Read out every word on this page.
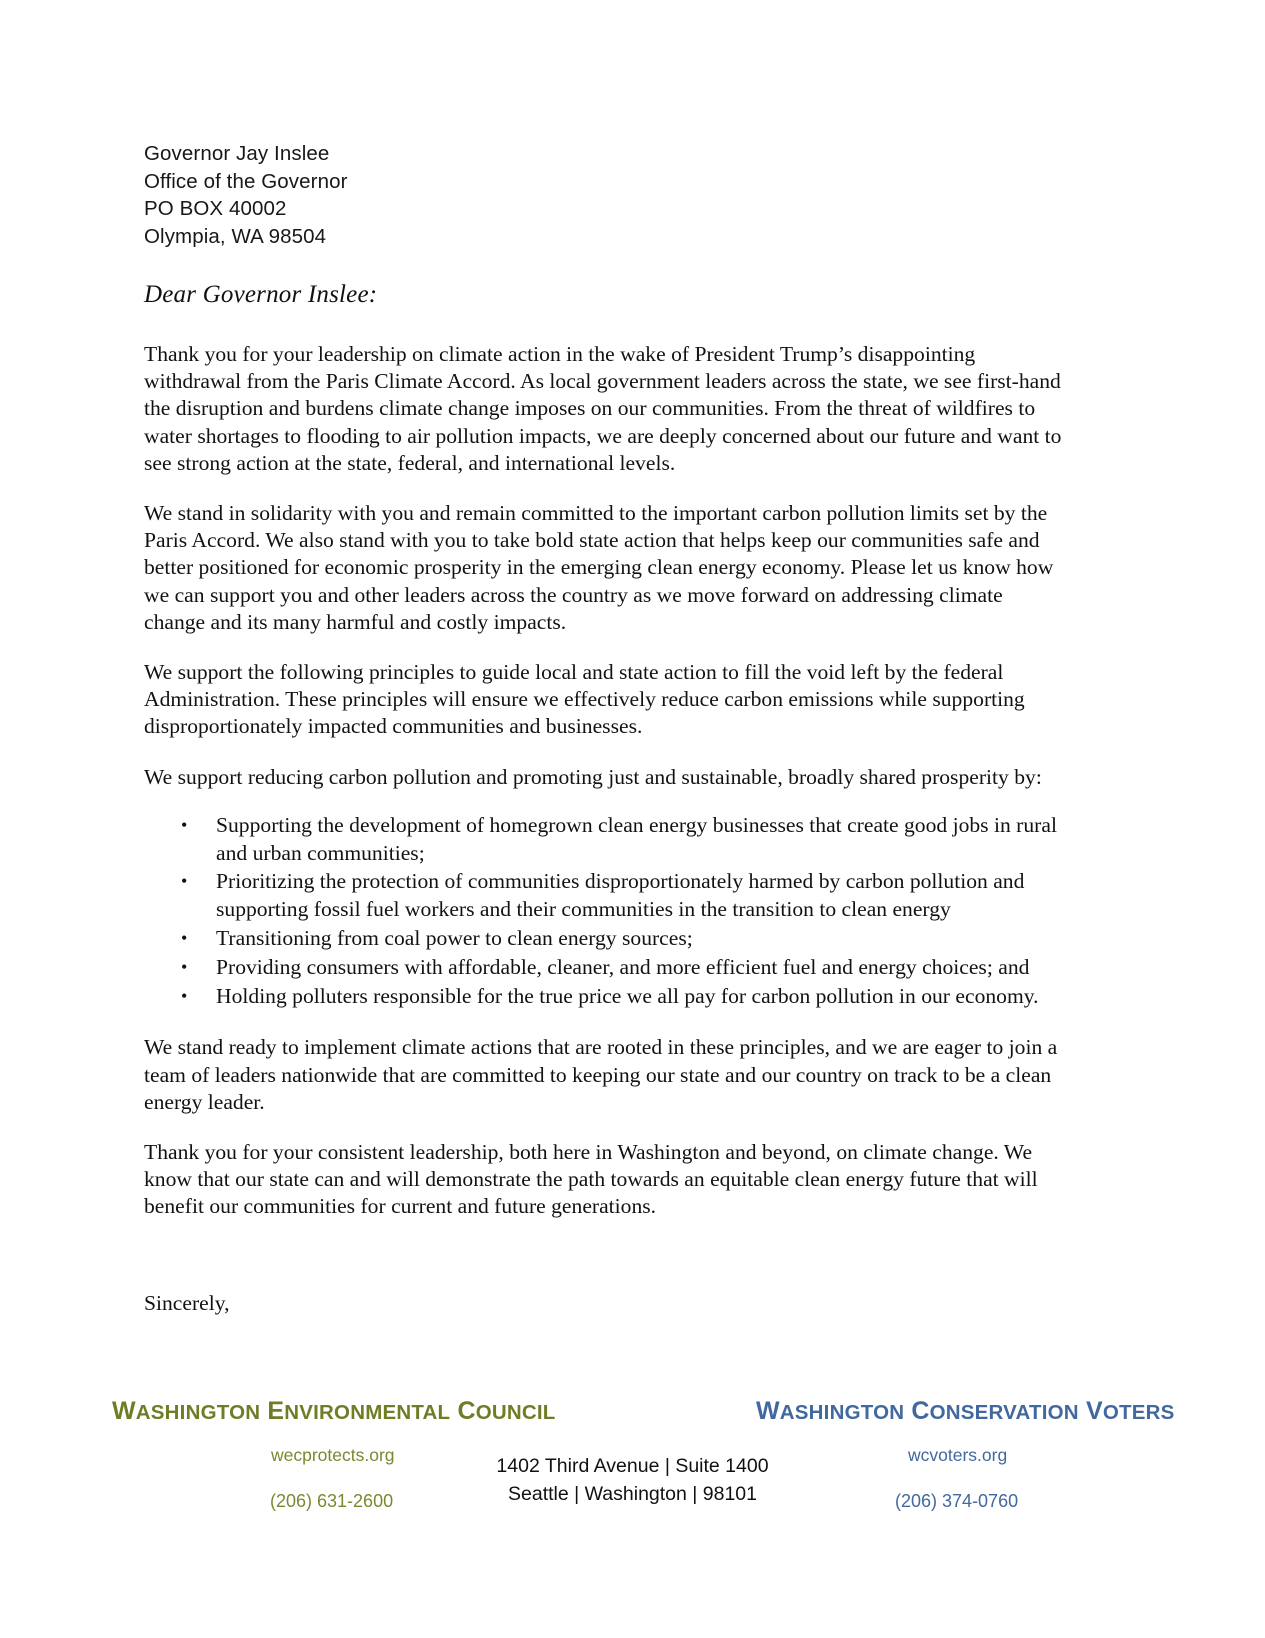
Governor Jay Inslee
Office of the Governor
PO BOX 40002
Olympia, WA 98504
Dear Governor Inslee:

Thank you for your leadership on climate action in the wake of President Trump’s disappointing withdrawal from the Paris Climate Accord. As local government leaders across the state, we see first-hand the disruption and burdens climate change imposes on our communities. From the threat of wildfires to water shortages to flooding to air pollution impacts, we are deeply concerned about our future and want to see strong action at the state, federal, and international levels.

We stand in solidarity with you and remain committed to the important carbon pollution limits set by the Paris Accord. We also stand with you to take bold state action that helps keep our communities safe and better positioned for economic prosperity in the emerging clean energy economy. Please let us know how we can support you and other leaders across the country as we move forward on addressing climate change and its many harmful and costly impacts.

We support the following principles to guide local and state action to fill the void left by the federal Administration. These principles will ensure we effectively reduce carbon emissions while supporting disproportionately impacted communities and businesses.

We support reducing carbon pollution and promoting just and sustainable, broadly shared prosperity by:

• Supporting the development of homegrown clean energy businesses that create good jobs in rural and urban communities;
• Prioritizing the protection of communities disproportionately harmed by carbon pollution and supporting fossil fuel workers and their communities in the transition to clean energy
• Transitioning from coal power to clean energy sources;
• Providing consumers with affordable, cleaner, and more efficient fuel and energy choices; and
• Holding polluters responsible for the true price we all pay for carbon pollution in our economy.

We stand ready to implement climate actions that are rooted in these principles, and we are eager to join a team of leaders nationwide that are committed to keeping our state and our country on track to be a clean energy leader.

Thank you for your consistent leadership, both here in Washington and beyond, on climate change. We know that our state can and will demonstrate the path towards an equitable clean energy future that will benefit our communities for current and future generations.

Sincerely,
WASHINGTON ENVIRONMENTAL COUNCIL	WASHINGTON CONSERVATION VOTERS
wecprotects.org	wcvoters.org
(206) 631-2600	(206) 374-0760
1402 Third Avenue | Suite 1400
Seattle | Washington | 98101
